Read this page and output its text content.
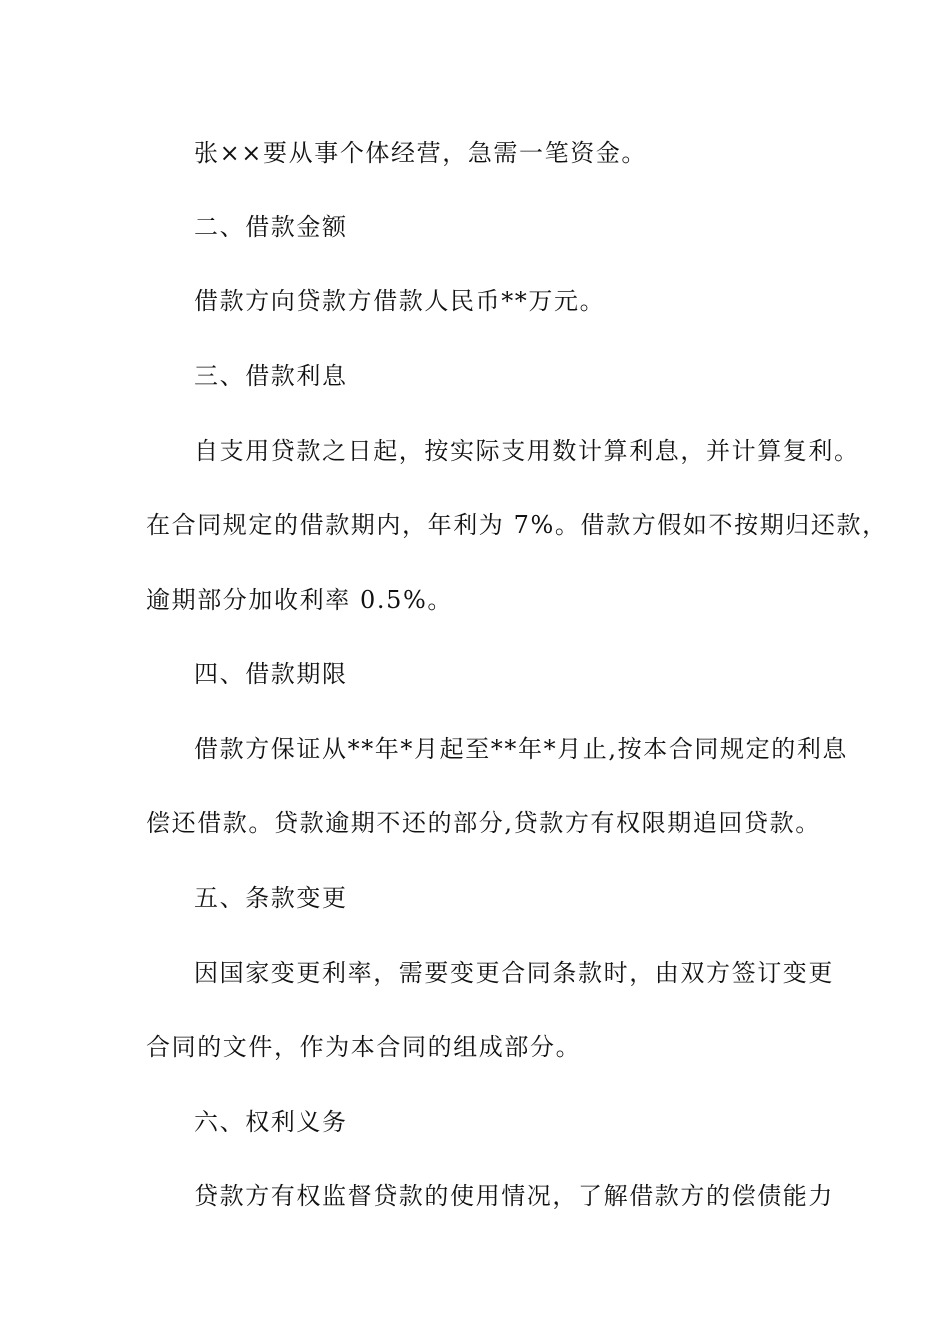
张××要从事个体经营，急需一笔资金。
二、借款金额
借款方向贷款方借款人民币**万元。
三、借款利息
自支用贷款之日起，按实际支用数计算利息，并计算复利。
在合同规定的借款期内，年利为 7%。借款方假如不按期归还款，
逾期部分加收利率 0.5%。
四、借款期限
借款方保证从**年*月起至**年*月止,按本合同规定的利息
偿还借款。贷款逾期不还的部分,贷款方有权限期追回贷款。
五、条款变更
因国家变更利率，需要变更合同条款时，由双方签订变更
合同的文件，作为本合同的组成部分。
六、权利义务
贷款方有权监督贷款的使用情况，了解借款方的偿债能力
